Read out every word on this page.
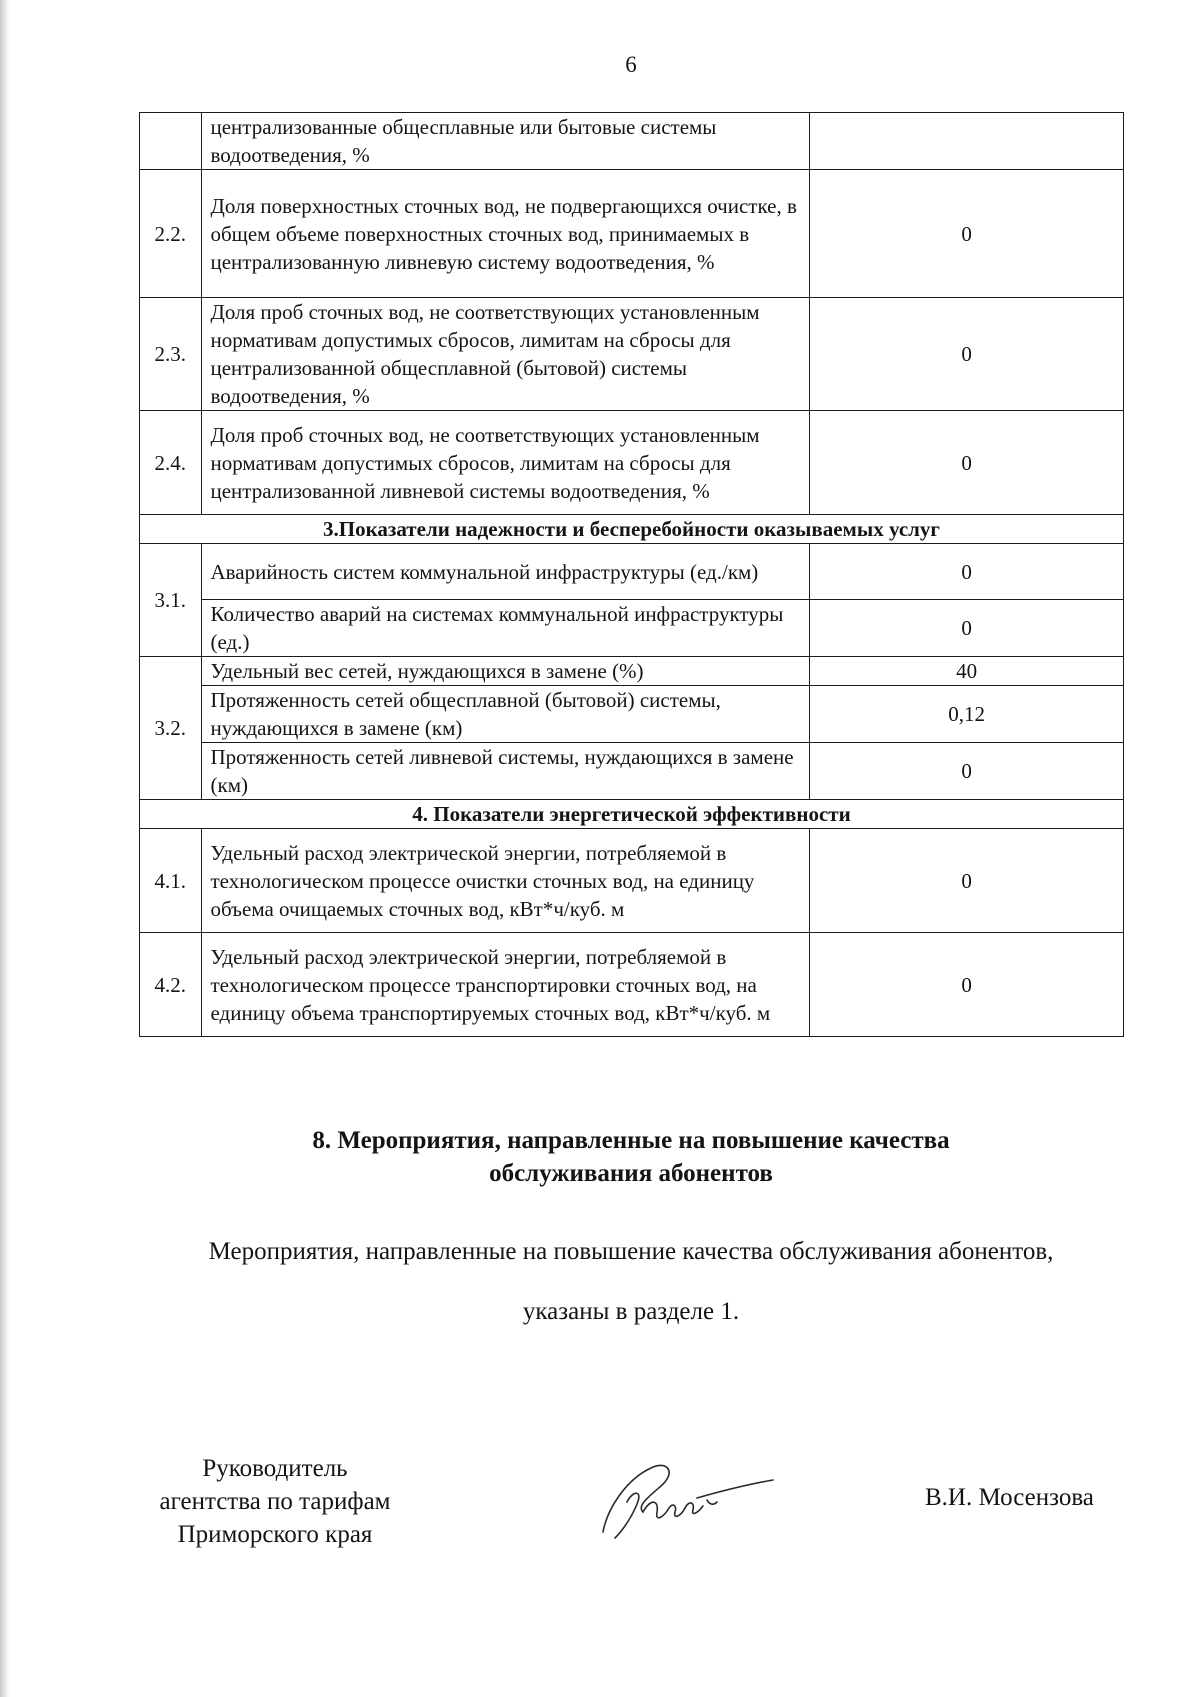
6
	централизованные общесплавные или бытовые системы водоотведения, %	
2.2.	Доля поверхностных сточных вод, не подвергающихся очистке, в общем объеме поверхностных сточных вод, принимаемых в централизованную ливневую систему водоотведения, %	0
2.3.	Доля проб сточных вод, не соответствующих установленным нормативам допустимых сбросов, лимитам на сбросы для централизованной общесплавной (бытовой) системы водоотведения, %	0
2.4.	Доля проб сточных вод, не соответствующих установленным нормативам допустимых сбросов, лимитам на сбросы для централизованной ливневой системы водоотведения, %	0
3.Показатели надежности и бесперебойности оказываемых услуг		
3.1.	Аварийность систем коммунальной инфраструктуры (ед./км)	0
	Количество аварий на системах коммунальной инфраструктуры (ед.)	0
3.2.	Удельный вес сетей, нуждающихся в замене (%)	40
	Протяженность сетей общесплавной (бытовой) системы, нуждающихся в замене (км)	0,12
	Протяженность сетей ливневой системы, нуждающихся в замене (км)	0
4. Показатели энергетической эффективности		
4.1.	Удельный расход электрической энергии, потребляемой в технологическом процессе очистки сточных вод, на единицу объема очищаемых сточных вод, кВт*ч/куб. м	0
4.2.	Удельный расход электрической энергии, потребляемой в технологическом процессе транспортировки сточных вод, на единицу объема транспортируемых сточных вод, кВт*ч/куб. м	0
8. Мероприятия, направленные на повышение качества
обслуживания абонентов
Мероприятия, направленные на повышение качества обслуживания абонентов,
указаны в разделе 1.
Руководитель
агентства по тарифам
Приморского края
В.И. Мосензова
